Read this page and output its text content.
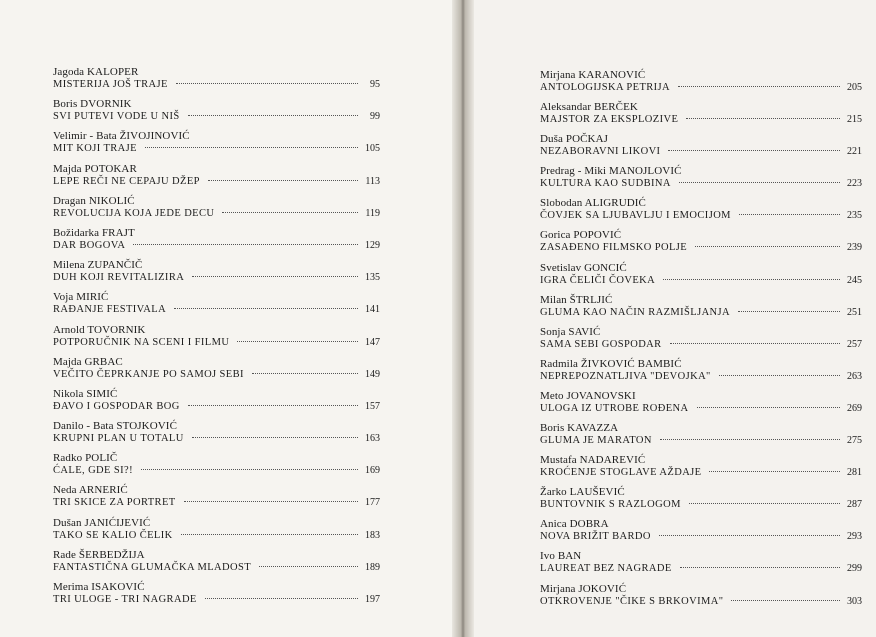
Jagoda KALOPER
MISTERIJA JOŠ TRAJE	95
Boris DVORNIK
SVI PUTEVI VODE U NIŠ	99
Velimir - Bata ŽIVOJINOVIĆ
MIT KOJI TRAJE	105
Majda POTOKAR
LEPE REČI NE CEPAJU DŽEP	113
Dragan NIKOLIĆ
REVOLUCIJA KOJA JEDE DECU	119
Božidarka FRAJT
DAR BOGOVA	129
Milena ZUPANČIČ
DUH KOJI REVITALIZIRA	135
Voja MIRIĆ
RAĐANJE FESTIVALA	141
Arnold TOVORNIK
POTPORUČNIK NA SCENI I FILMU	147
Majda GRBAC
VEČITO ČEPRKANJE PO SAMOJ SEBI	149
Nikola SIMIĆ
ĐAVO I GOSPODAR BOG	157
Danilo - Bata STOJKOVIĆ
KRUPNI PLAN U TOTALU	163
Radko POLIČ
ĆALE, GDE SI?!	169
Neda ARNERIĆ
TRI SKICE ZA PORTRET	177
Dušan JANIĆIJEVIĆ
TAKO SE KALIO ČELIK	183
Rade ŠERBEDŽIJA
FANTASTIČNA GLUMAČKA MLADOST	189
Merima ISAKOVIĆ
TRI ULOGE - TRI NAGRADE	197
Mirjana KARANOVIĆ
ANTOLOGIJSKA PETRIJA	205
Aleksandar BERČEK
MAJSTOR ZA EKSPLOZIVE	215
Duša POČKAJ
NEZABORAVNI LIKOVI	221
Predrag - Miki MANOJLOVIĆ
KULTURA KAO SUDBINA	223
Slobodan ALIGRUDIĆ
ČOVJEK SA LJUBAVLJU I EMOCIJOM	235
Gorica POPOVIĆ
ZASAĐENO FILMSKO POLJE	239
Svetislav GONCIĆ
IGRA ČELIČI ČOVEKA	245
Milan ŠTRLJIĆ
GLUMA KAO NAČIN RAZMIŠLJANJA	251
Sonja SAVIĆ
SAMA SEBI GOSPODAR	257
Radmila ŽIVKOVIĆ BAMBIĆ
NEPREPOZNATLJIVA "DEVOJKA"	263
Meto JOVANOVSKI
ULOGA IZ UTROBE ROĐENA	269
Boris KAVAZZA
GLUMA JE MARATON	275
Mustafa NADAREVIĆ
KROĆENJE STOGLAVE AŽDAJE	281
Žarko LAUŠEVIĆ
BUNTOVNIK S RAZLOGOM	287
Anica DOBRA
NOVA BRIŽIT BARDO	293
Ivo BAN
LAUREAT BEZ NAGRADE	299
Mirjana JOKOVIĆ
OTKROVENJE "ČIKE S BRKOVIMA"	303
